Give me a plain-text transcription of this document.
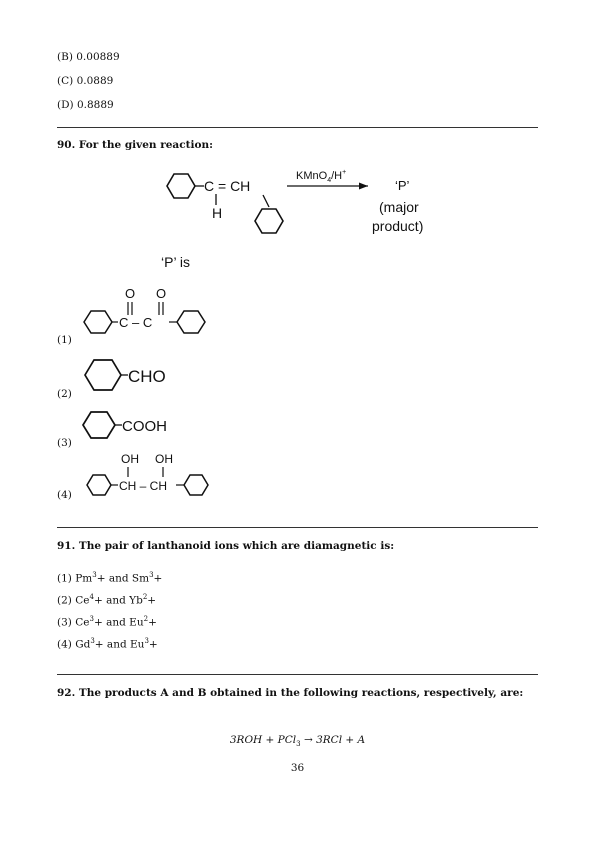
(B) 0.00889
(C) 0.0889
(D) 0.8889
90. For the given reaction:
C = CH
H
KMnO$_4$/H+
‘P’
(major
product)
‘P’ is
(1)
(2)
(3)
(4)
C – C
O O
CHO
COOH
OH OH
CH – CH
91. The pair of lanthanoid ions which are diamagnetic is:
(1) $Pm^3+$ and $Sm^3+$
(2) $Ce^4+$ and $Yb^2+$
(3) $Ce^3+$ and $Eu^2+$
(4) $Gd^3+$ and $Eu^3+$
92. The products A and B obtained in the following reactions, respectively, are:
3ROH + PCl$_3$ → 3RCl + A
36
